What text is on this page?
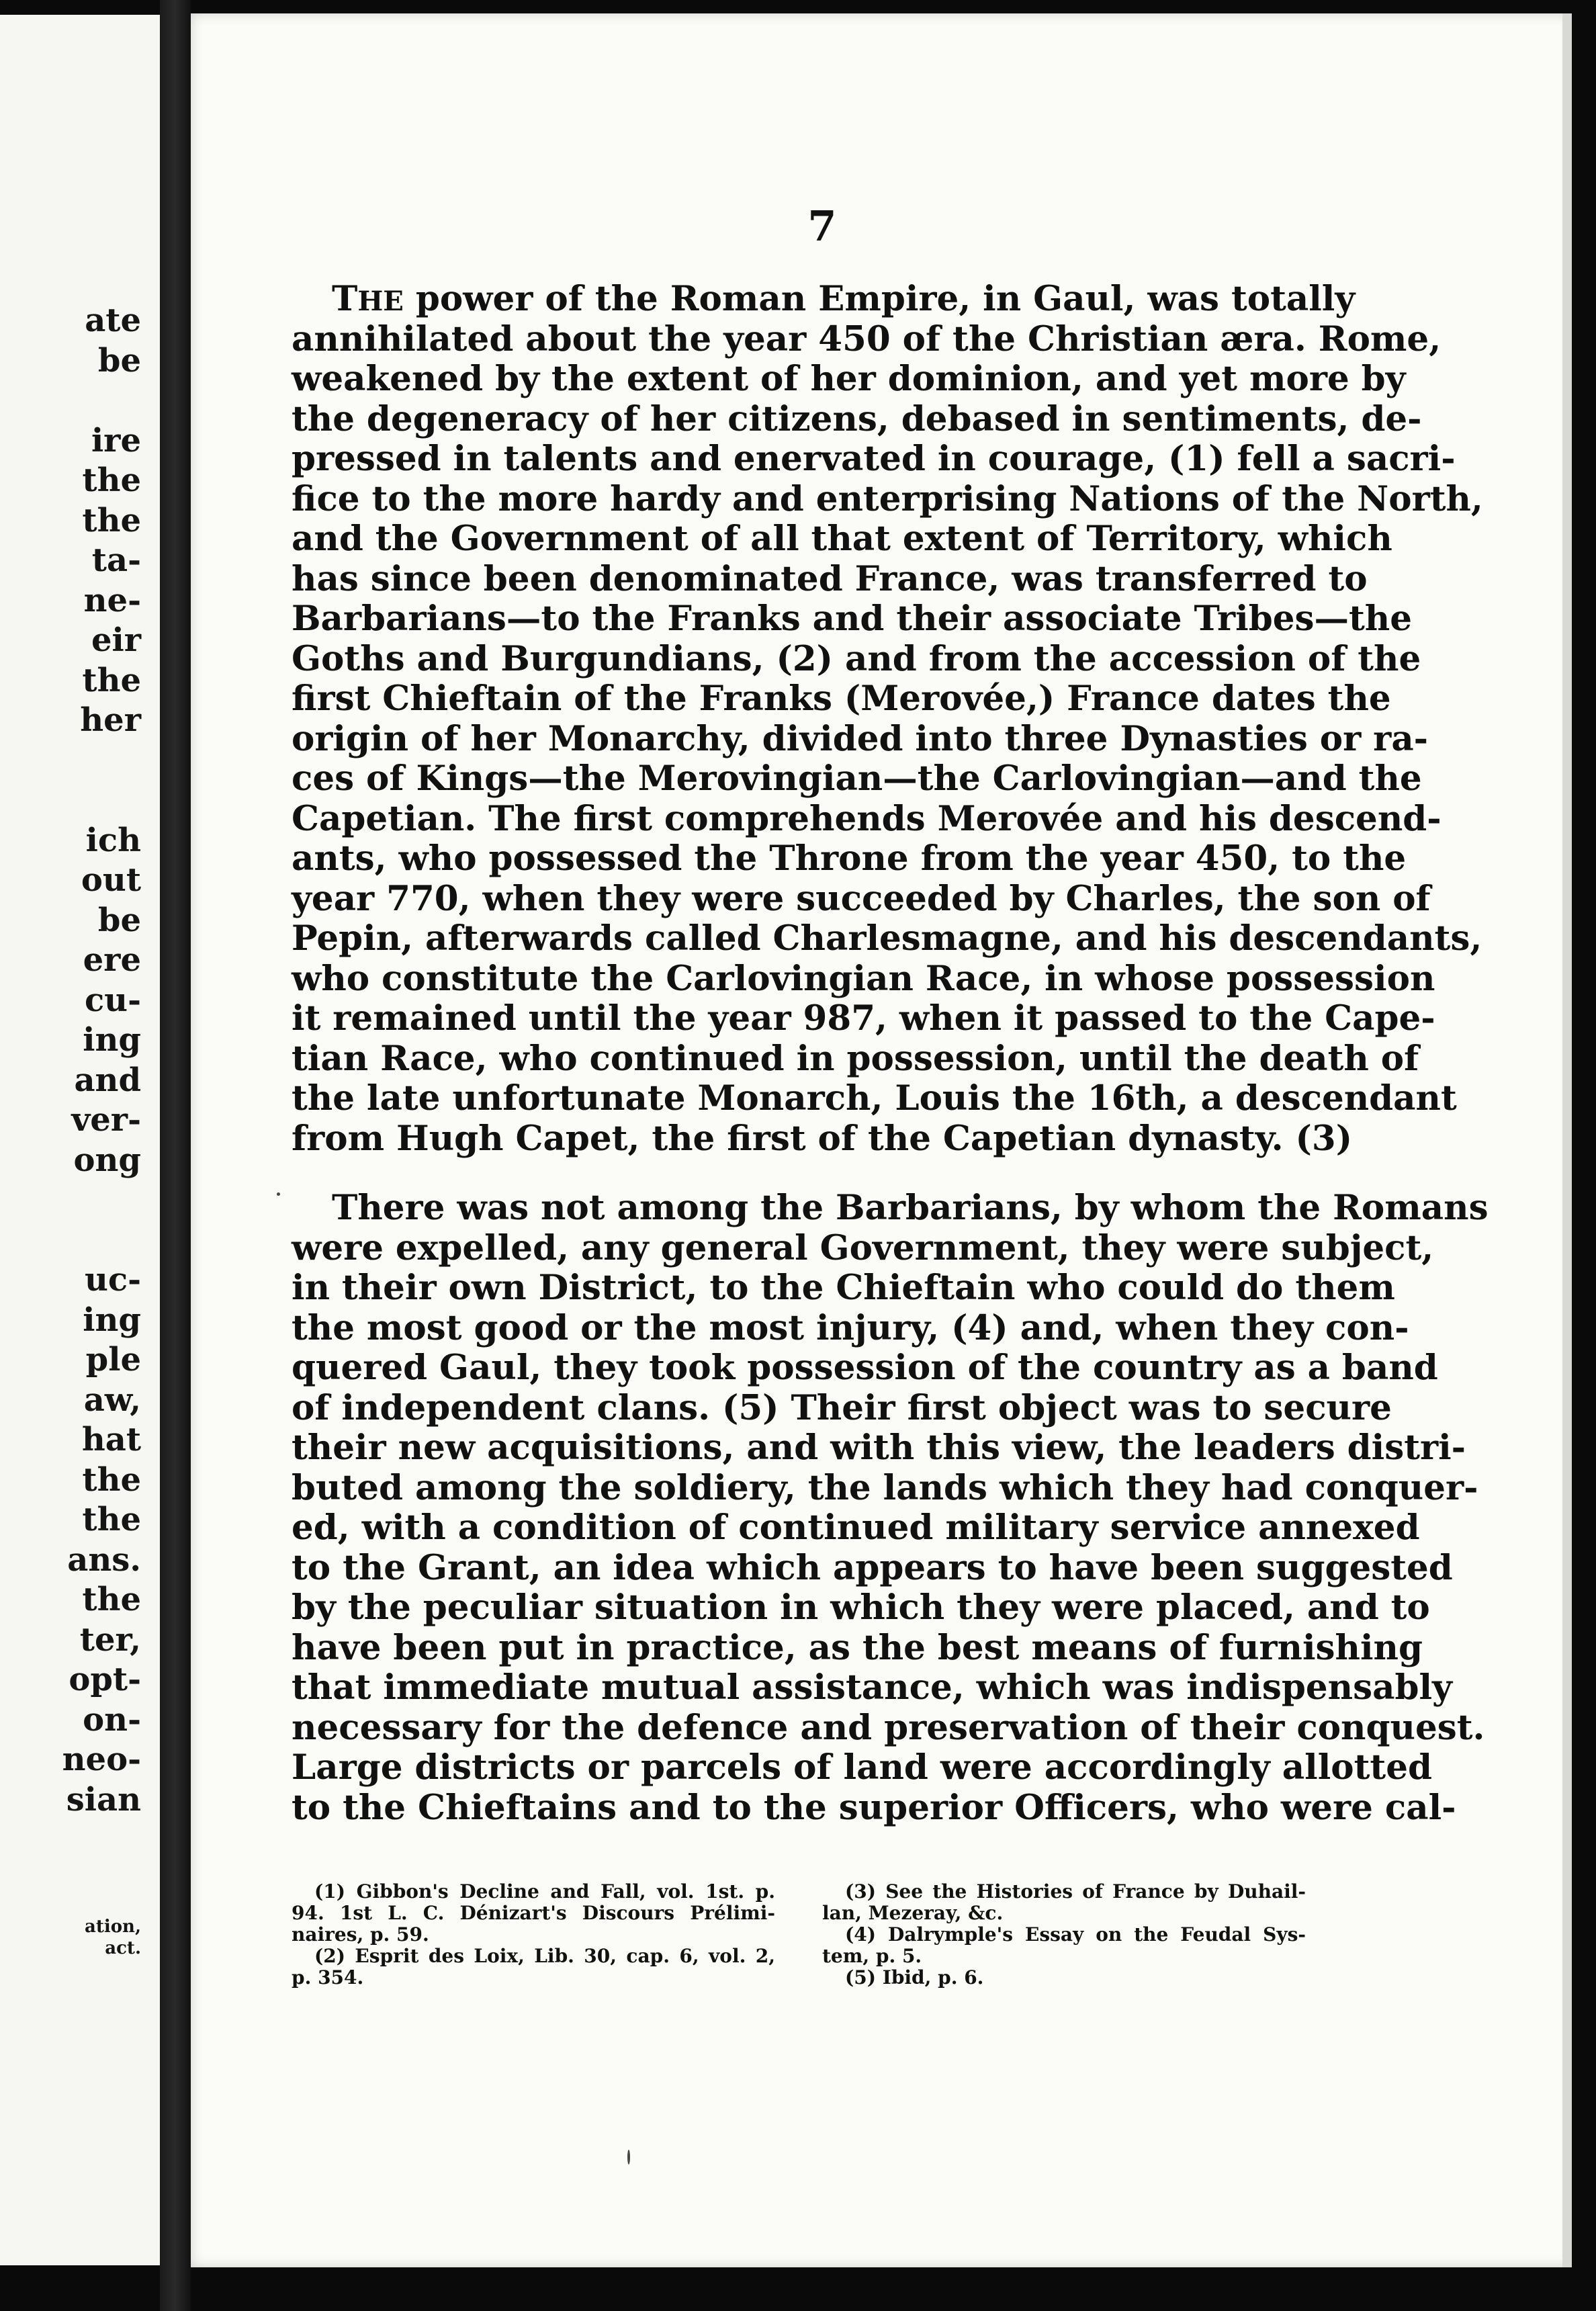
ate
be
ire
the
the
ta-
ne-
eir
the
her
ich
out
be
ere
cu-
ing
and
ver-
ong
uc-
ing
ple
aw,
hat
the
the
ans.
the
ter,
opt-
on-
neo-
sian
ation,
act.
7
THE power of the Roman Empire, in Gaul, was totally
annihilated about the year 450 of the Christian æra. Rome,
weakened by the extent of her dominion, and yet more by
the degeneracy of her citizens, debased in sentiments, de-
pressed in talents and enervated in courage, (1) fell a sacri-
fice to the more hardy and enterprising Nations of the North,
and the Government of all that extent of Territory, which
has since been denominated France, was transferred to
Barbarians—to the Franks and their associate Tribes—the
Goths and Burgundians, (2) and from the accession of the
first Chieftain of the Franks (Merovée,) France dates the
origin of her Monarchy, divided into three Dynasties or ra-
ces of Kings—the Merovingian—the Carlovingian—and the
Capetian. The first comprehends Merovée and his descend-
ants, who possessed the Throne from the year 450, to the
year 770, when they were succeeded by Charles, the son of
Pepin, afterwards called Charlesmagne, and his descendants,
who constitute the Carlovingian Race, in whose possession
it remained until the year 987, when it passed to the Cape-
tian Race, who continued in possession, until the death of
the late unfortunate Monarch, Louis the 16th, a descendant
from Hugh Capet, the first of the Capetian dynasty. (3)
There was not among the Barbarians, by whom the Romans
were expelled, any general Government, they were subject,
in their own District, to the Chieftain who could do them
the most good or the most injury, (4) and, when they con-
quered Gaul, they took possession of the country as a band
of independent clans. (5) Their first object was to secure
their new acquisitions, and with this view, the leaders distri-
buted among the soldiery, the lands which they had conquer-
ed, with a condition of continued military service annexed
to the Grant, an idea which appears to have been suggested
by the peculiar situation in which they were placed, and to
have been put in practice, as the best means of furnishing
that immediate mutual assistance, which was indispensably
necessary for the defence and preservation of their conquest.
Large districts or parcels of land were accordingly allotted
to the Chieftains and to the superior Officers, who were cal-
(1) Gibbon's Decline and Fall, vol. 1st. p.
94. 1st L. C. Dénizart's Discours Prélimi-
naires, p. 59.
(2) Esprit des Loix, Lib. 30, cap. 6, vol. 2,
p. 354.
(3) See the Histories of France by Duhail-
lan, Mezeray, &c.
(4) Dalrymple's Essay on the Feudal Sys-
tem, p. 5.
(5) Ibid, p. 6.
